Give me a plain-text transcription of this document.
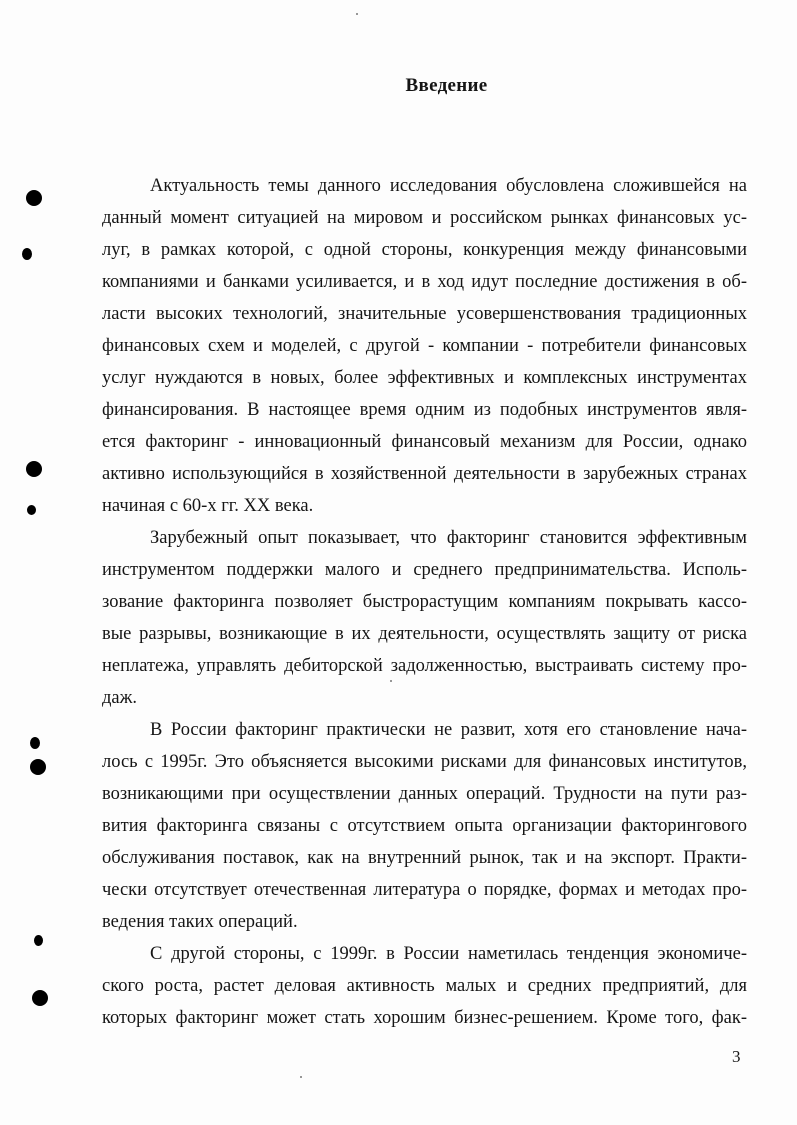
Введение
Актуальность темы данного исследования обусловлена сложившейся на
данный момент ситуацией на мировом и российском рынках финансовых ус-
луг, в рамках которой, с одной стороны, конкуренция между финансовыми
компаниями и банками усиливается, и в ход идут последние достижения в об-
ласти высоких технологий, значительные усовершенствования традиционных
финансовых схем и моделей, с другой - компании - потребители финансовых
услуг нуждаются в новых, более эффективных и комплексных инструментах
финансирования. В настоящее время одним из подобных инструментов явля-
ется факторинг - инновационный финансовый механизм для России, однако
активно использующийся в хозяйственной деятельности в зарубежных странах
начиная с 60-х гг. XX века.
Зарубежный опыт показывает, что факторинг становится эффективным
инструментом поддержки малого и среднего предпринимательства. Исполь-
зование факторинга позволяет быстрорастущим компаниям покрывать кассо-
вые разрывы, возникающие в их деятельности, осуществлять защиту от риска
неплатежа, управлять дебиторской задолженностью, выстраивать систему про-
даж.
В России факторинг практически не развит, хотя его становление нача-
лось с 1995г. Это объясняется высокими рисками для финансовых институтов,
возникающими при осуществлении данных операций. Трудности на пути раз-
вития факторинга связаны с отсутствием опыта организации факторингового
обслуживания поставок, как на внутренний рынок, так и на экспорт. Практи-
чески отсутствует отечественная литература о порядке, формах и методах про-
ведения таких операций.
С другой стороны, с 1999г. в России наметилась тенденция экономиче-
ского роста, растет деловая активность малых и средних предприятий, для
которых факторинг может стать хорошим бизнес-решением. Кроме того, фак-
3
